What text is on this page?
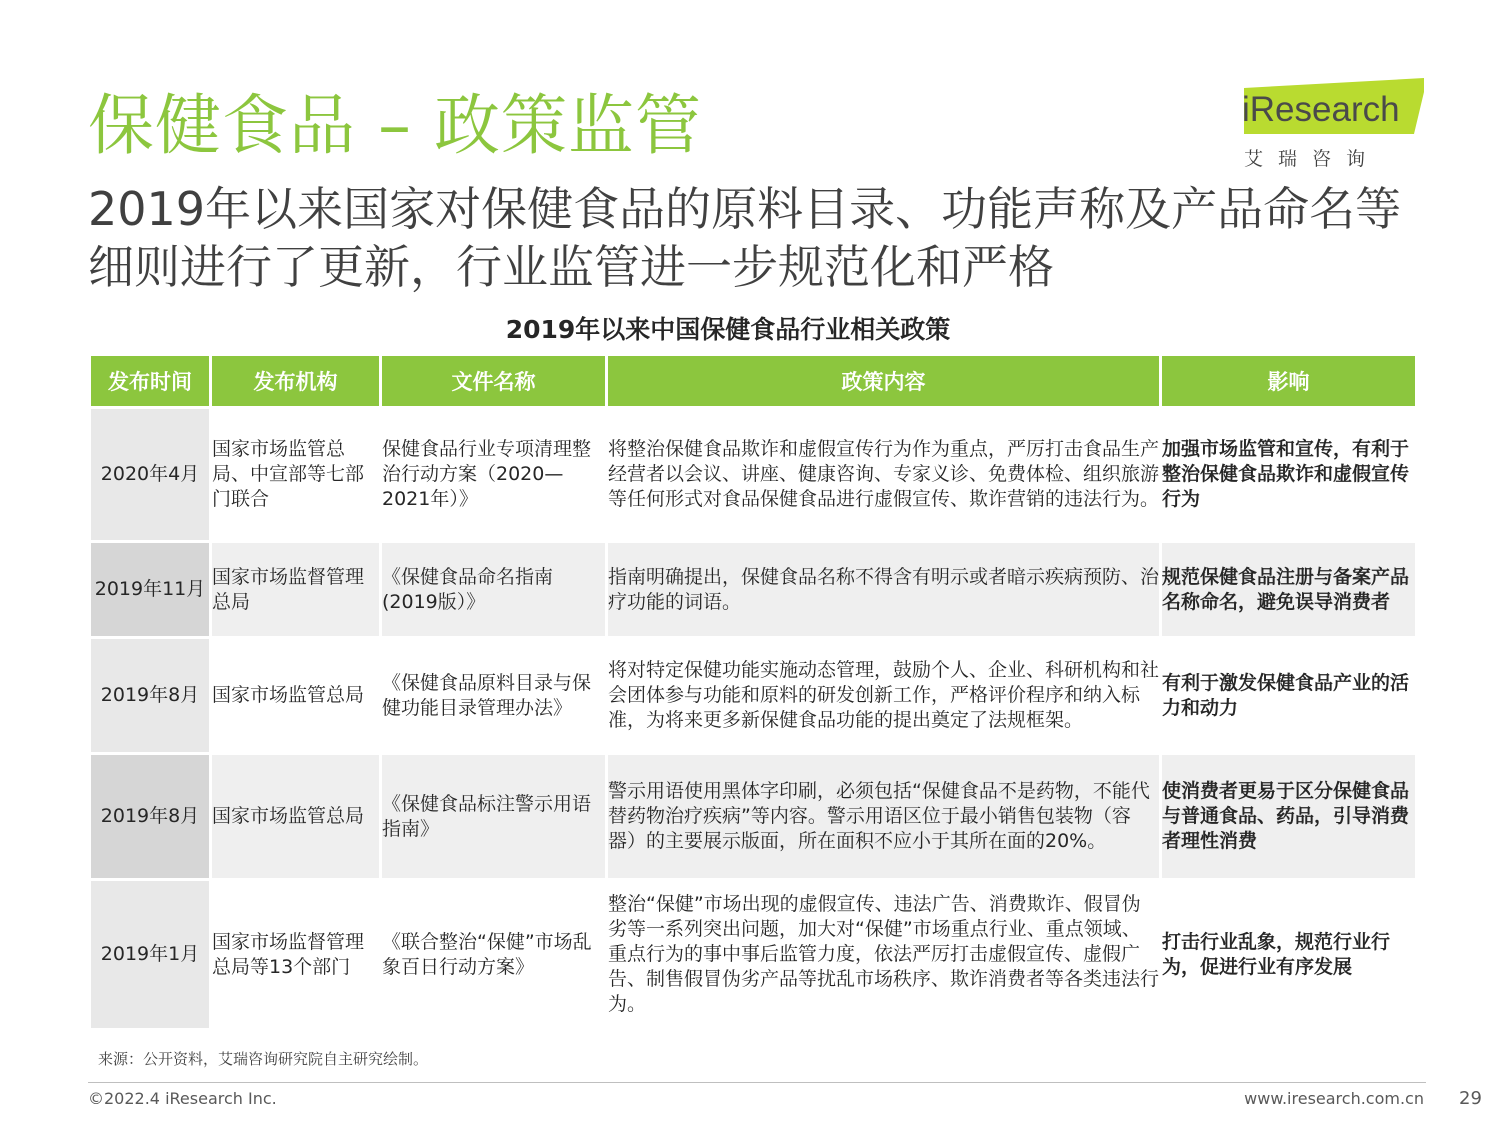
保健食品 – 政策监管	iResearch
艾瑞咨询
2019年以来国家对保健食品的原料目录、功能声称及产品命名等细则进行了更新，行业监管进一步规范化和严格
2019年以来中国保健食品行业相关政策
发布时间	发布机构	文件名称	政策内容	影响
2020年4月	国家市场监管总局、中宣部等七部门联合	保健食品行业专项清理整治行动方案（2020—2021年）》	将整治保健食品欺诈和虚假宣传行为作为重点，严厉打击食品生产经营者以会议、讲座、健康咨询、专家义诊、免费体检、组织旅游等任何形式对食品保健食品进行虚假宣传、欺诈营销的违法行为。	加强市场监管和宣传，有利于整治保健食品欺诈和虚假宣传行为
2019年11月	国家市场监督管理总局	《保健食品命名指南(2019版）》	指南明确提出，保健食品名称不得含有明示或者暗示疾病预防、治疗功能的词语。	规范保健食品注册与备案产品名称命名，避免误导消费者
2019年8月	国家市场监管总局	《保健食品原料目录与保健功能目录管理办法》	将对特定保健功能实施动态管理，鼓励个人、企业、科研机构和社会团体参与功能和原料的研发创新工作，严格评价程序和纳入标准，为将来更多新保健食品功能的提出奠定了法规框架。	有利于激发保健食品产业的活力和动力
2019年8月	国家市场监管总局	《保健食品标注警示用语指南》	警示用语使用黑体字印刷，必须包括“保健食品不是药物，不能代替药物治疗疾病”等内容。警示用语区位于最小销售包装物（容器）的主要展示版面，所在面积不应小于其所在面的20%。	使消费者更易于区分保健食品与普通食品、药品，引导消费者理性消费
2019年1月	国家市场监督管理总局等13个部门	《联合整治“保健”市场乱象百日行动方案》	整治“保健”市场出现的虚假宣传、违法广告、消费欺诈、假冒伪劣等一系列突出问题，加大对“保健”市场重点行业、重点领域、重点行为的事中事后监管力度，依法严厉打击虚假宣传、虚假广告、制售假冒伪劣产品等扰乱市场秩序、欺诈消费者等各类违法行为。	打击行业乱象，规范行业行为，促进行业有序发展
来源：公开资料，艾瑞咨询研究院自主研究绘制。
©2022.4 iResearch Inc.	www.iresearch.com.cn 29
